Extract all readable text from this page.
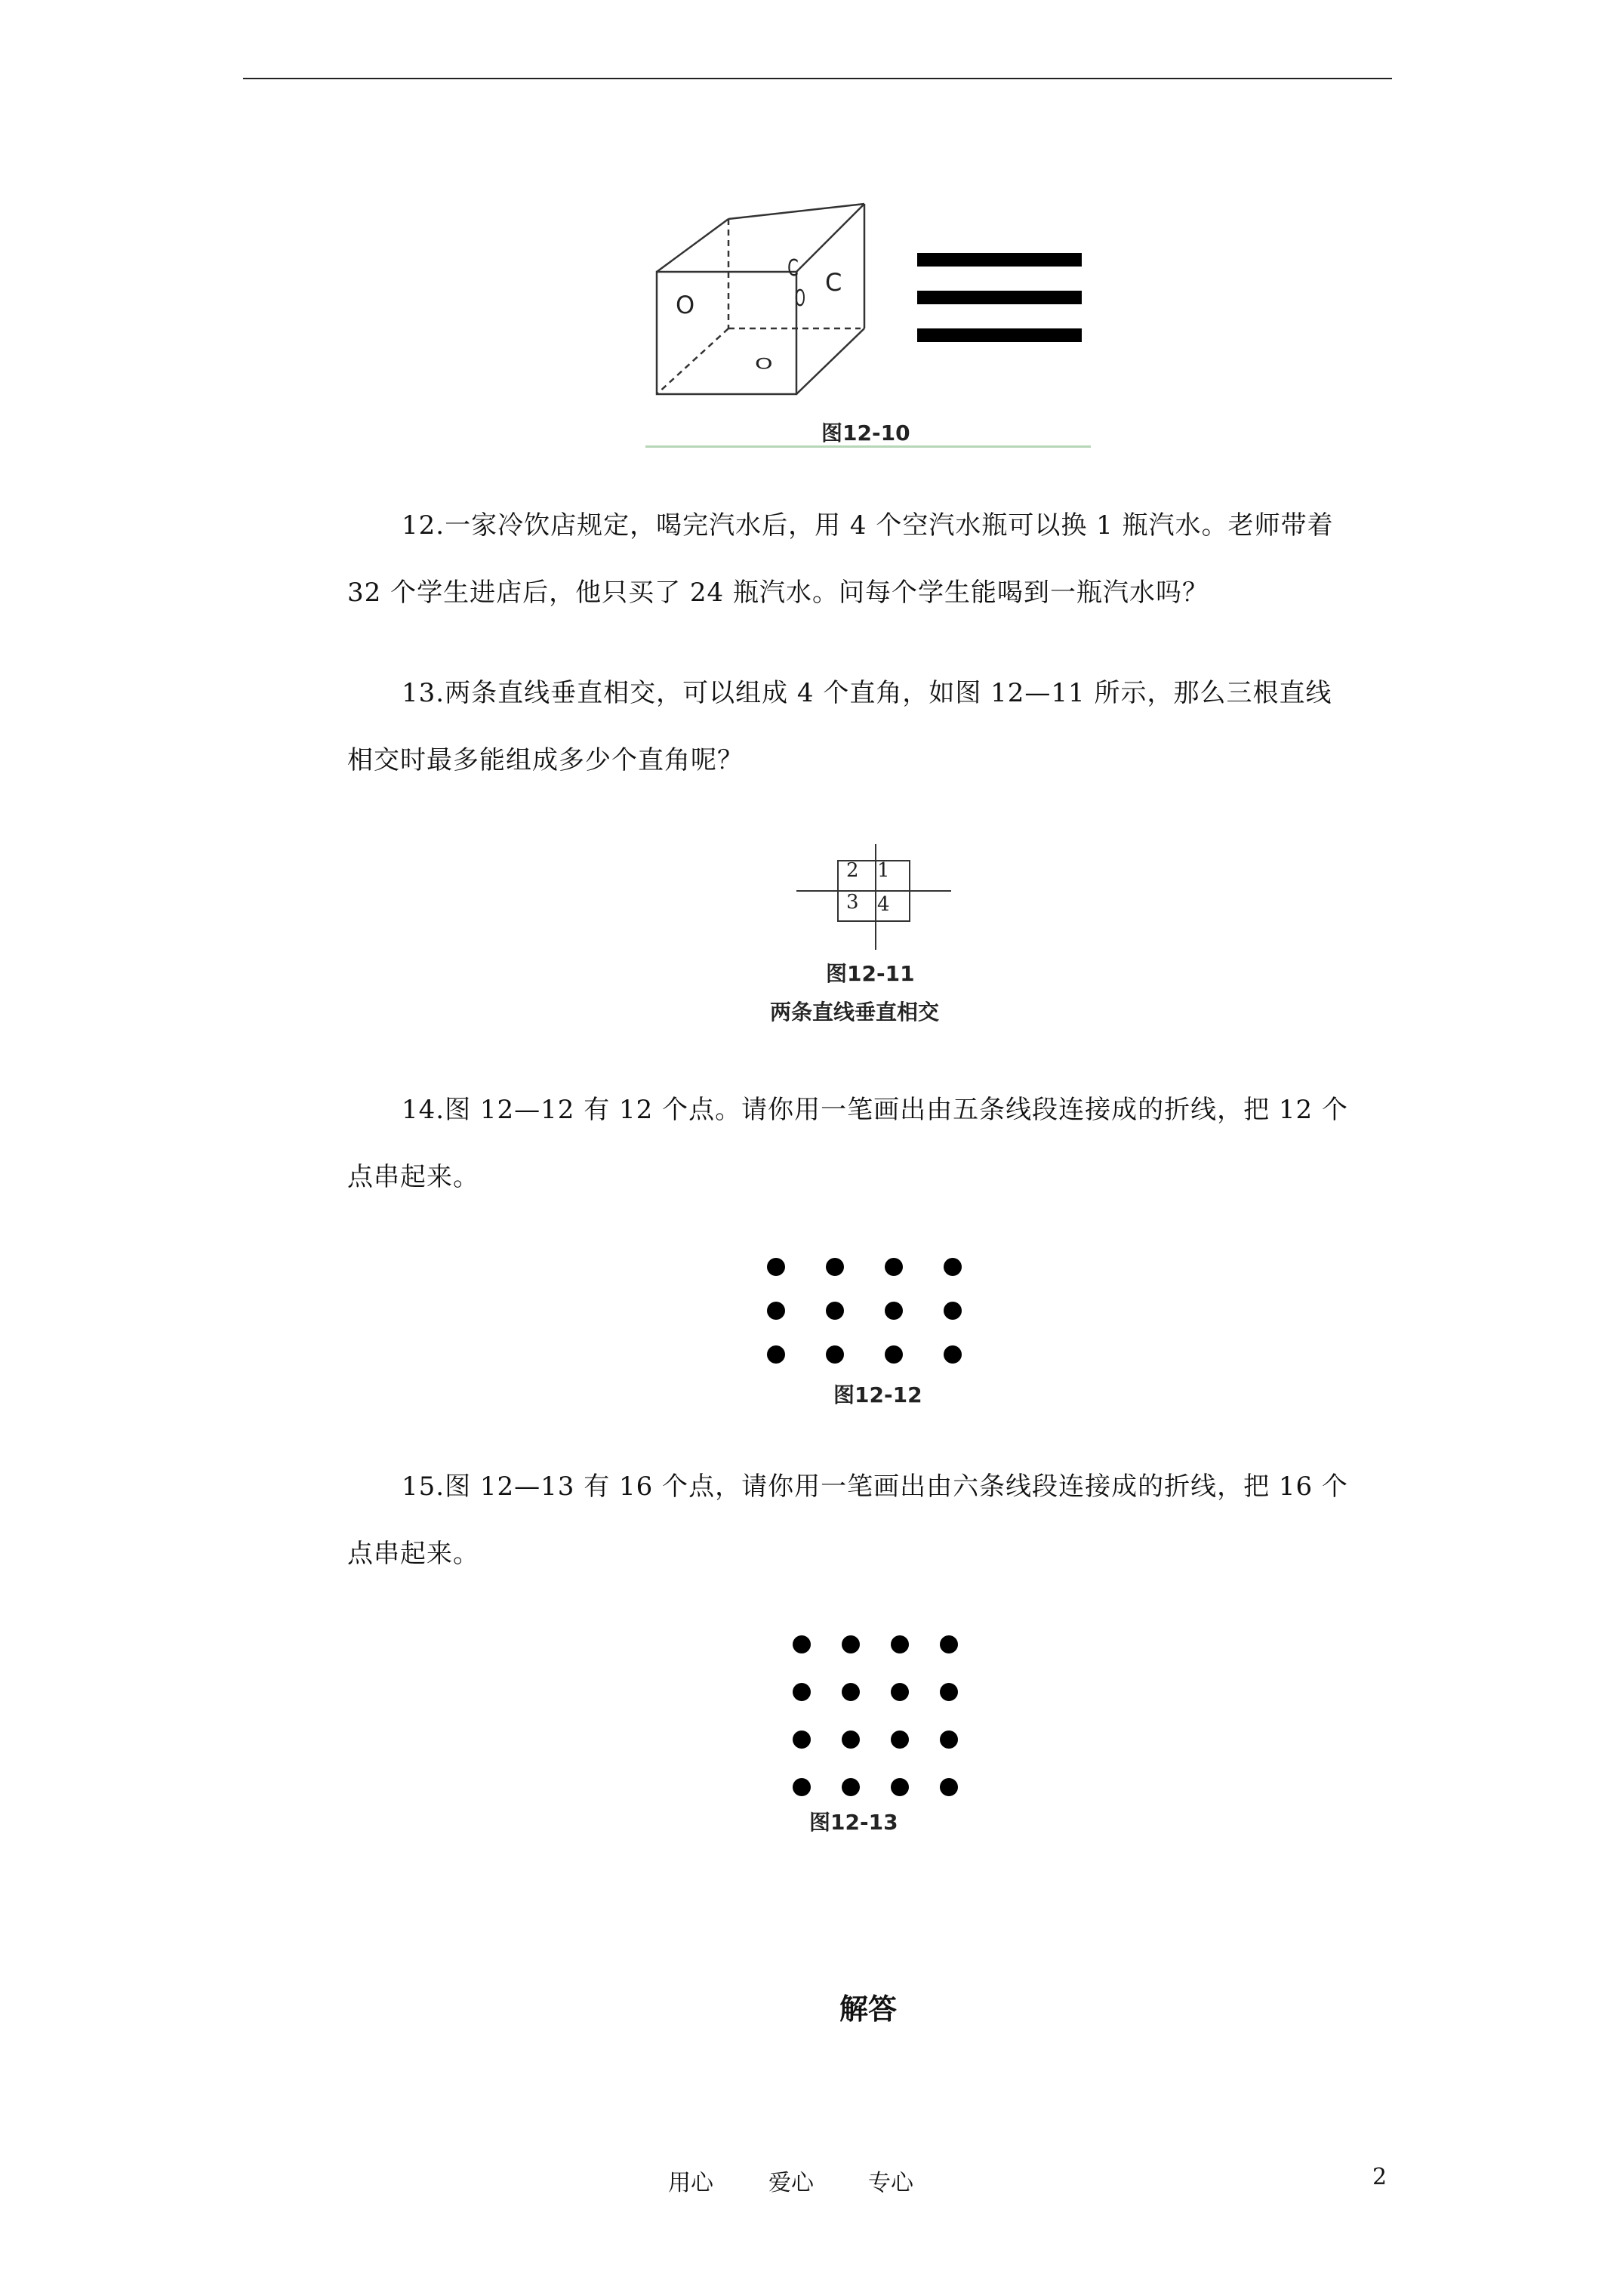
O	O
O
C
C
图12-10
12.一家冷饮店规定，喝完汽水后，用 4 个空汽水瓶可以换 1 瓶汽水。老师带着
32 个学生进店后，他只买了 24 瓶汽水。问每个学生能喝到一瓶汽水吗？
13.两条直线垂直相交，可以组成 4 个直角，如图 12—11 所示，那么三根直线
相交时最多能组成多少个直角呢？
2 1
3 4
图12-11
两条直线垂直相交
14.图 12—12 有 12 个点。请你用一笔画出由五条线段连接成的折线，把 12 个
点串起来。
图12-12
15.图 12—13 有 16 个点，请你用一笔画出由六条线段连接成的折线，把 16 个
点串起来。
图12-13
解答
用心 爱心 专心	2
